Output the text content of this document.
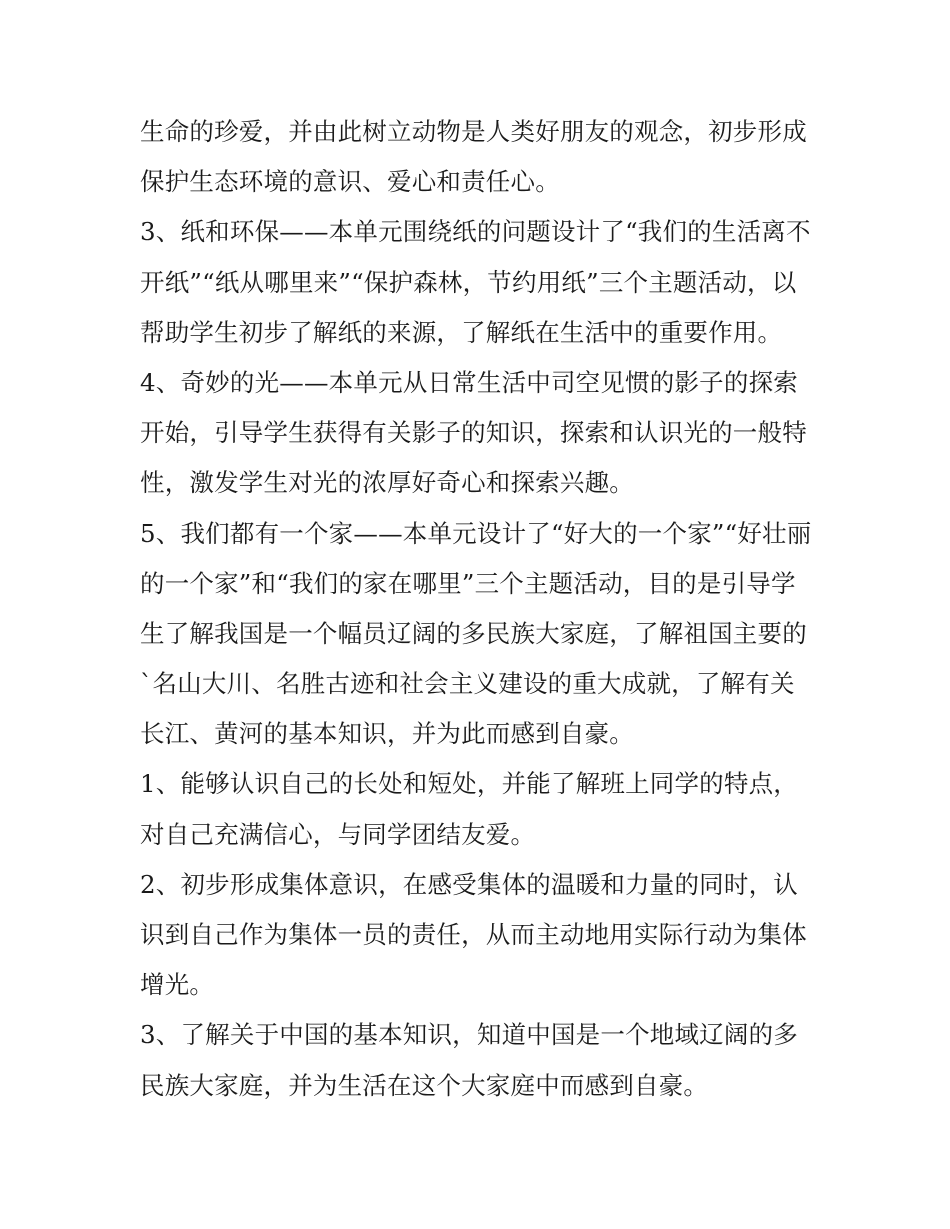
生命的珍爱，并由此树立动物是人类好朋友的观念，初步形成
保护生态环境的意识、爱心和责任心。
3、纸和环保——本单元围绕纸的问题设计了“我们的生活离不
开纸”“纸从哪里来”“保护森林，节约用纸”三个主题活动，以
帮助学生初步了解纸的来源，了解纸在生活中的重要作用。
4、奇妙的光——本单元从日常生活中司空见惯的影子的探索
开始，引导学生获得有关影子的知识，探索和认识光的一般特
性，激发学生对光的浓厚好奇心和探索兴趣。
5、我们都有一个家——本单元设计了“好大的一个家”“好壮丽
的一个家”和“我们的家在哪里”三个主题活动，目的是引导学
生了解我国是一个幅员辽阔的多民族大家庭，了解祖国主要的
`名山大川、名胜古迹和社会主义建设的重大成就，了解有关
长江、黄河的基本知识，并为此而感到自豪。
1、能够认识自己的长处和短处，并能了解班上同学的特点，
对自己充满信心，与同学团结友爱。
2、初步形成集体意识，在感受集体的温暖和力量的同时，认
识到自己作为集体一员的责任，从而主动地用实际行动为集体
增光。
3、了解关于中国的基本知识，知道中国是一个地域辽阔的多
民族大家庭，并为生活在这个大家庭中而感到自豪。
